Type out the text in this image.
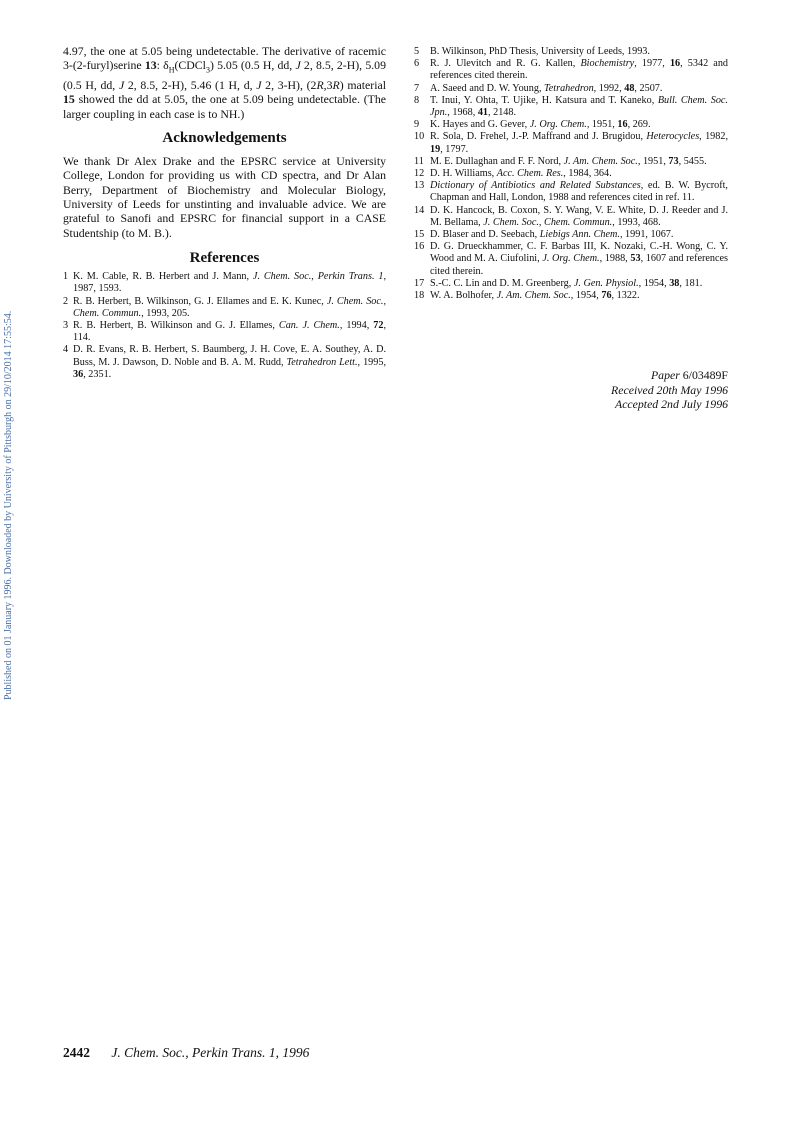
Published on 01 January 1996. Downloaded by University of Pittsburgh on 29/10/2014 17:55:54.

4.97, the one at 5.05 being undetectable. The derivative of racemic 3-(2-furyl)serine 13: $\delta_H(CDCl_3)$ 5.05 (0.5 H, dd, J 2, 8.5, 2-H), 5.09 (0.5 H, dd, J 2, 8.5, 2-H), 5.46 (1 H, d, J 2, 3-H), (2R,3R) material 15 showed the dd at 5.05, the one at 5.09 being undetectable. (The larger coupling in each case is to NH.)

Acknowledgements

We thank Dr Alex Drake and the EPSRC service at University College, London for providing us with CD spectra, and Dr Alan Berry, Department of Biochemistry and Molecular Biology, University of Leeds for unstinting and invaluable advice. We are grateful to Sanofi and EPSRC for financial support in a CASE Studentship (to M. B.).

References
1 K. M. Cable, R. B. Herbert and J. Mann, J. Chem. Soc., Perkin Trans. 1, 1987, 1593.
2 R. B. Herbert, B. Wilkinson, G. J. Ellames and E. K. Kunec, J. Chem. Soc., Chem. Commun., 1993, 205.
3 R. B. Herbert, B. Wilkinson and G. J. Ellames, Can. J. Chem., 1994, 72, 114.
4 D. R. Evans, R. B. Herbert, S. Baumberg, J. H. Cove, E. A. Southey, A. D. Buss, M. J. Dawson, D. Noble and B. A. M. Rudd, Tetrahedron Lett., 1995, 36, 2351.
5 B. Wilkinson, PhD Thesis, University of Leeds, 1993.
6 R. J. Ulevitch and R. G. Kallen, Biochemistry, 1977, 16, 5342 and references cited therein.
7 A. Saeed and D. W. Young, Tetrahedron, 1992, 48, 2507.
8 T. Inui, Y. Ohta, T. Ujike, H. Katsura and T. Kaneko, Bull. Chem. Soc. Jpn., 1968, 41, 2148.
9 K. Hayes and G. Gever, J. Org. Chem., 1951, 16, 269.
10 R. Sola, D. Frehel, J.-P. Maffrand and J. Brugidou, Heterocycles, 1982, 19, 1797.
11 M. E. Dullaghan and F. F. Nord, J. Am. Chem. Soc., 1951, 73, 5455.
12 D. H. Williams, Acc. Chem. Res., 1984, 364.
13 Dictionary of Antibiotics and Related Substances, ed. B. W. Bycroft, Chapman and Hall, London, 1988 and references cited in ref. 11.
14 D. K. Hancock, B. Coxon, S. Y. Wang, V. E. White, D. J. Reeder and J. M. Bellama, J. Chem. Soc., Chem. Commun., 1993, 468.
15 D. Blaser and D. Seebach, Liebigs Ann. Chem., 1991, 1067.
16 D. G. Drueckhammer, C. F. Barbas III, K. Nozaki, C.-H. Wong, C. Y. Wood and M. A. Ciufolini, J. Org. Chem., 1988, 53, 1607 and references cited therein.
17 S.-C. C. Lin and D. M. Greenberg, J. Gen. Physiol., 1954, 38, 181.
18 W. A. Bolhofer, J. Am. Chem. Soc., 1954, 76, 1322.
Paper 6/03489F
Received 20th May 1996
Accepted 2nd July 1996
2442 J. Chem. Soc., Perkin Trans. 1, 1996
